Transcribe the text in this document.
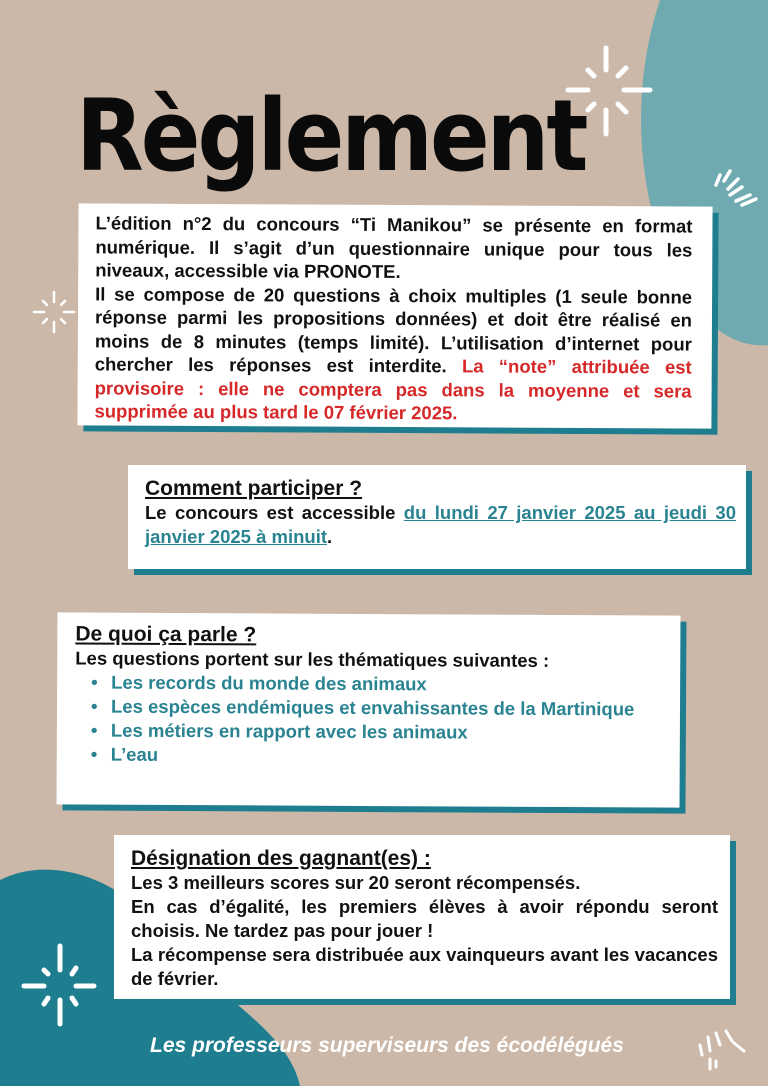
Règlement

L’édition n°2 du concours “Ti Manikou” se présente en format numérique. Il s’agit d’un questionnaire unique pour tous les niveaux, accessible via PRONOTE.
Il se compose de 20 questions à choix multiples (1 seule bonne réponse parmi les propositions données) et doit être réalisé en moins de 8 minutes (temps limité). L’utilisation d’internet pour chercher les réponses est interdite. La “note” attribuée est provisoire : elle ne comptera pas dans la moyenne et sera supprimée au plus tard le 07 février 2025.

Comment participer ?

Le concours est accessible du lundi 27 janvier 2025 au jeudi 30 janvier 2025 à minuit.

De quoi ça parle ?

Les questions portent sur les thématiques suivantes :

• Les records du monde des animaux
• Les espèces endémiques et envahissantes de la Martinique
• Les métiers en rapport avec les animaux
• L’eau

Désignation des gagnant(es) :

Les 3 meilleurs scores sur 20 seront récompensés.

En cas d’égalité, les premiers élèves à avoir répondu seront choisis. Ne tardez pas pour jouer !

La récompense sera distribuée aux vainqueurs avant les vacances de février.

Les professeurs superviseurs des écodélégués
